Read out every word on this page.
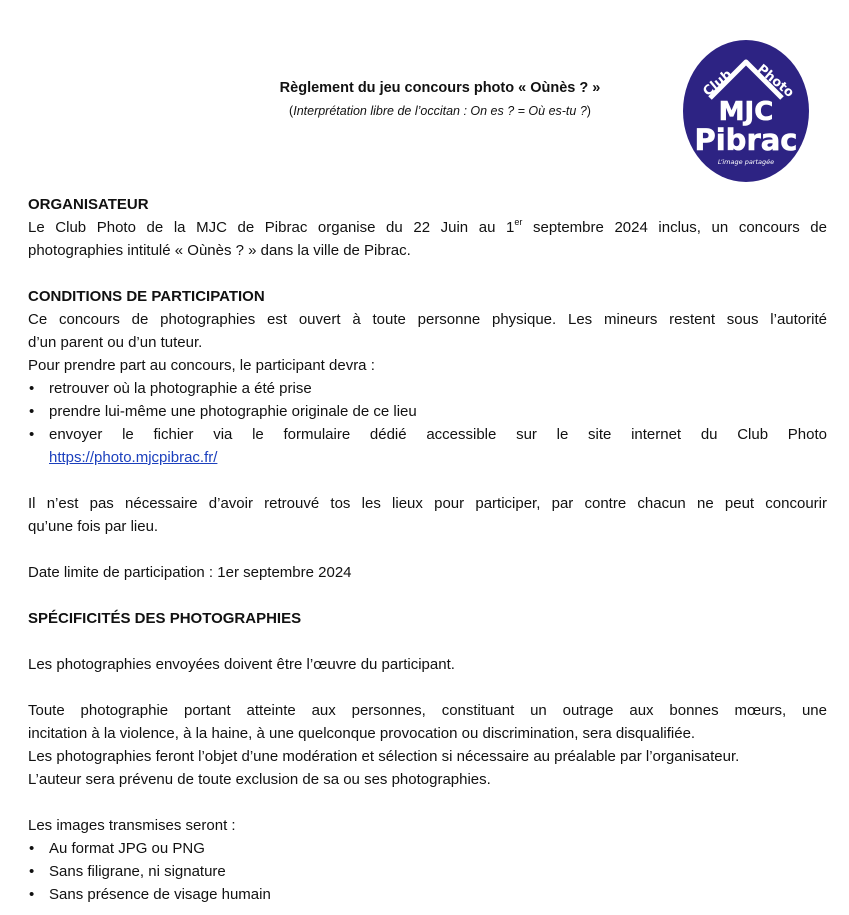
Règlement du jeu concours photo « Oùnès ? »
(Interprétation libre de l’occitan : On es ? = Où es-tu ?)
Club Photo
MJC
Pibrac
L’image partagée

ORGANISATEUR

Le Club Photo de la MJC de Pibrac organise du 22 Juin au 1er septembre 2024 inclus, un concours de

photographies intitulé « Oùnès ? » dans la ville de Pibrac.

CONDITIONS DE PARTICIPATION

Ce concours de photographies est ouvert à toute personne physique. Les mineurs restent sous l’autorité

d’un parent ou d’un tuteur.

Pour prendre part au concours, le participant devra :

• retrouver où la photographie a été prise
• prendre lui-même une photographie originale de ce lieu
• envoyer le fichier via le formulaire dédié accessible sur le site internet du Club Photo
https://photo.mjcpibrac.fr/

Il n’est pas nécessaire d’avoir retrouvé tos les lieux pour participer, par contre chacun ne peut concourir

qu’une fois par lieu.

Date limite de participation : 1er septembre 2024

SPÉCIFICITÉS DES PHOTOGRAPHIES

Les photographies envoyées doivent être l’œuvre du participant.

Toute photographie portant atteinte aux personnes, constituant un outrage aux bonnes mœurs, une

incitation à la violence, à la haine, à une quelconque provocation ou discrimination, sera disqualifiée.

Les photographies feront l’objet d’une modération et sélection si nécessaire au préalable par l’organisateur.

L’auteur sera prévenu de toute exclusion de sa ou ses photographies.

Les images transmises seront :

• Au format JPG ou PNG
• Sans filigrane, ni signature
• Sans présence de visage humain
